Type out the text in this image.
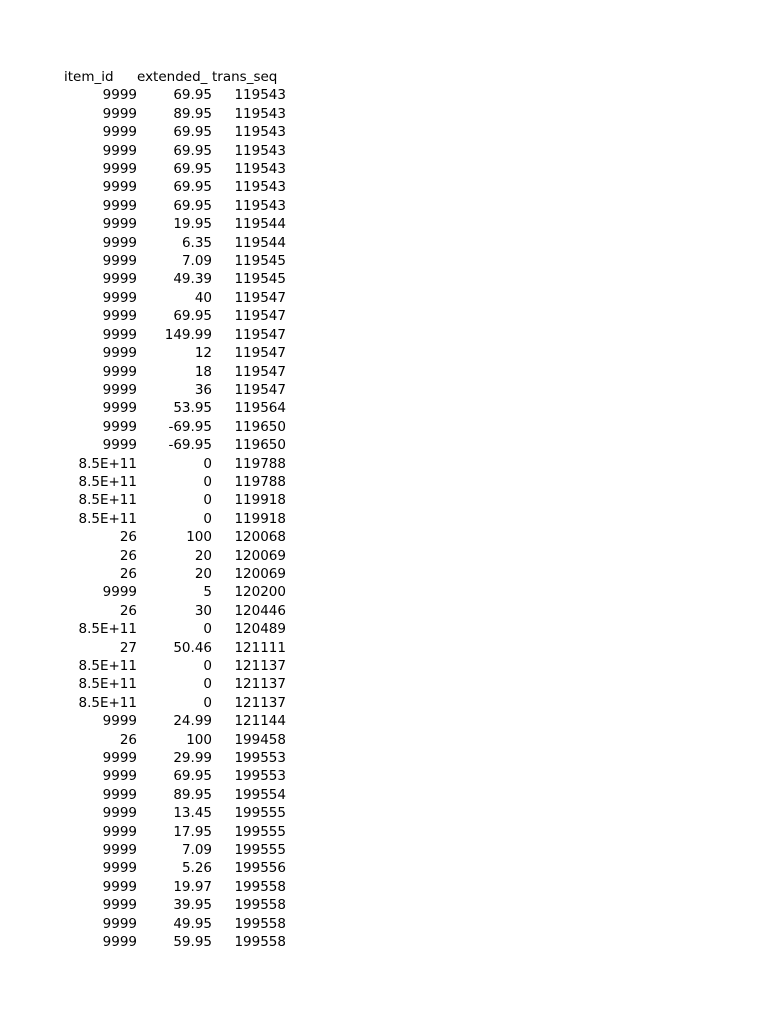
item_id	extended_	trans_seq
9999	69.95	119543
9999	89.95	119543
9999	69.95	119543
9999	69.95	119543
9999	69.95	119543
9999	69.95	119543
9999	69.95	119543
9999	19.95	119544
9999	6.35	119544
9999	7.09	119545
9999	49.39	119545
9999	40	119547
9999	69.95	119547
9999	149.99	119547
9999	12	119547
9999	18	119547
9999	36	119547
9999	53.95	119564
9999	-69.95	119650
9999	-69.95	119650
8.5E+11	0	119788
8.5E+11	0	119788
8.5E+11	0	119918
8.5E+11	0	119918
26	100	120068
26	20	120069
26	20	120069
9999	5	120200
26	30	120446
8.5E+11	0	120489
27	50.46	121111
8.5E+11	0	121137
8.5E+11	0	121137
8.5E+11	0	121137
9999	24.99	121144
26	100	199458
9999	29.99	199553
9999	69.95	199553
9999	89.95	199554
9999	13.45	199555
9999	17.95	199555
9999	7.09	199555
9999	5.26	199556
9999	19.97	199558
9999	39.95	199558
9999	49.95	199558
9999	59.95	199558
